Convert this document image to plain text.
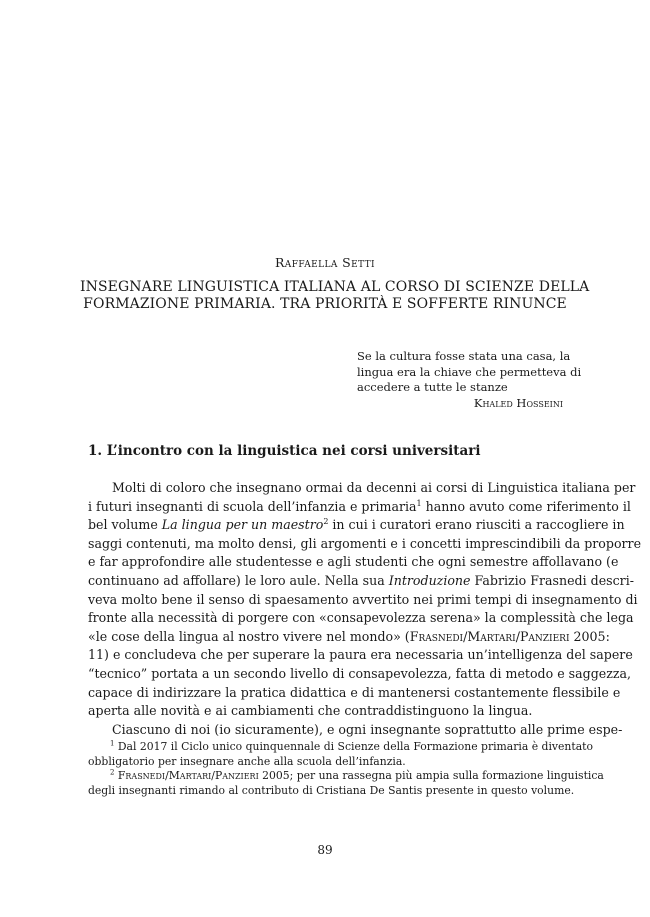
Raffaella Setti
INSEGNARE LINGUISTICA ITALIANA AL CORSO DI SCIENZE DELLA
FORMAZIONE PRIMARIA. TRA PRIORITÀ E SOFFERTE RINUNCE
Se la cultura fosse stata una casa, la
lingua era la chiave che permetteva di
accedere a tutte le stanze
Khaled Hosseini
1. L’incontro con la linguistica nei corsi universitari
Molti di coloro che insegnano ormai da decenni ai corsi di Linguistica italiana per
i futuri insegnanti di scuola dell’infanzia e primaria$^1$ hanno avuto come riferimento il
bel volume La lingua per un maestro$^2$ in cui i curatori erano riusciti a raccogliere in
saggi contenuti, ma molto densi, gli argomenti e i concetti imprescindibili da proporre
e far approfondire alle studentesse e agli studenti che ogni semestre affollavano (e
continuano ad affollare) le loro aule. Nella sua Introduzione Fabrizio Frasnedi descri-
veva molto bene il senso di spaesamento avvertito nei primi tempi di insegnamento di
fronte alla necessità di porgere con «consapevolezza serena» la complessità che lega
«le cose della lingua al nostro vivere nel mondo» (Frasnedi/Martari/Panzieri 2005:
11) e concludeva che per superare la paura era necessaria un’intelligenza del sapere
“tecnico” portata a un secondo livello di consapevolezza, fatta di metodo e saggezza,
capace di indirizzare la pratica didattica e di mantenersi costantemente flessibile e
aperta alle novità e ai cambiamenti che contraddistinguono la lingua.
Ciascuno di noi (io sicuramente), e ogni insegnante soprattutto alle prime espe-
$^1$ Dal 2017 il Ciclo unico quinquennale di Scienze della Formazione primaria è diventato
obbligatorio per insegnare anche alla scuola dell’infanzia.
$^2$ Frasnedi/Martari/Panzieri 2005; per una rassegna più ampia sulla formazione linguistica
degli insegnanti rimando al contributo di Cristiana De Santis presente in questo volume.
89
